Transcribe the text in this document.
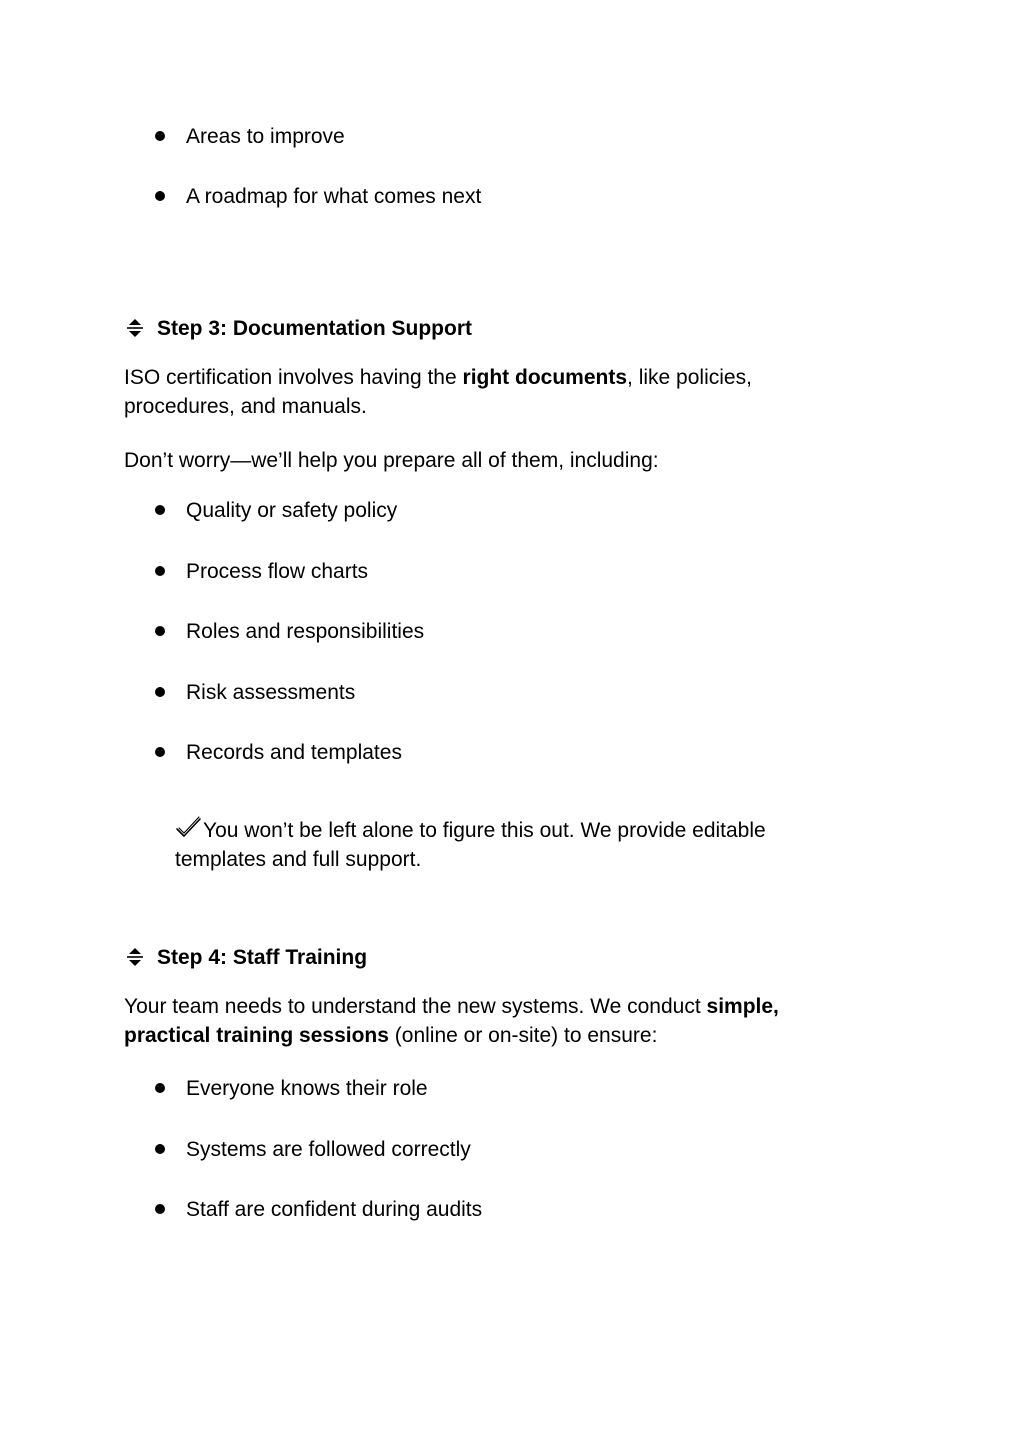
Areas to improve
A roadmap for what comes next
Step 3: Documentation Support
ISO certification involves having the right documents, like policies, procedures, and manuals.
Don’t worry—we’ll help you prepare all of them, including:
Quality or safety policy
Process flow charts
Roles and responsibilities
Risk assessments
Records and templates
You won’t be left alone to figure this out. We provide editable templates and full support.
Step 4: Staff Training
Your team needs to understand the new systems. We conduct simple, practical training sessions (online or on-site) to ensure:
Everyone knows their role
Systems are followed correctly
Staff are confident during audits
